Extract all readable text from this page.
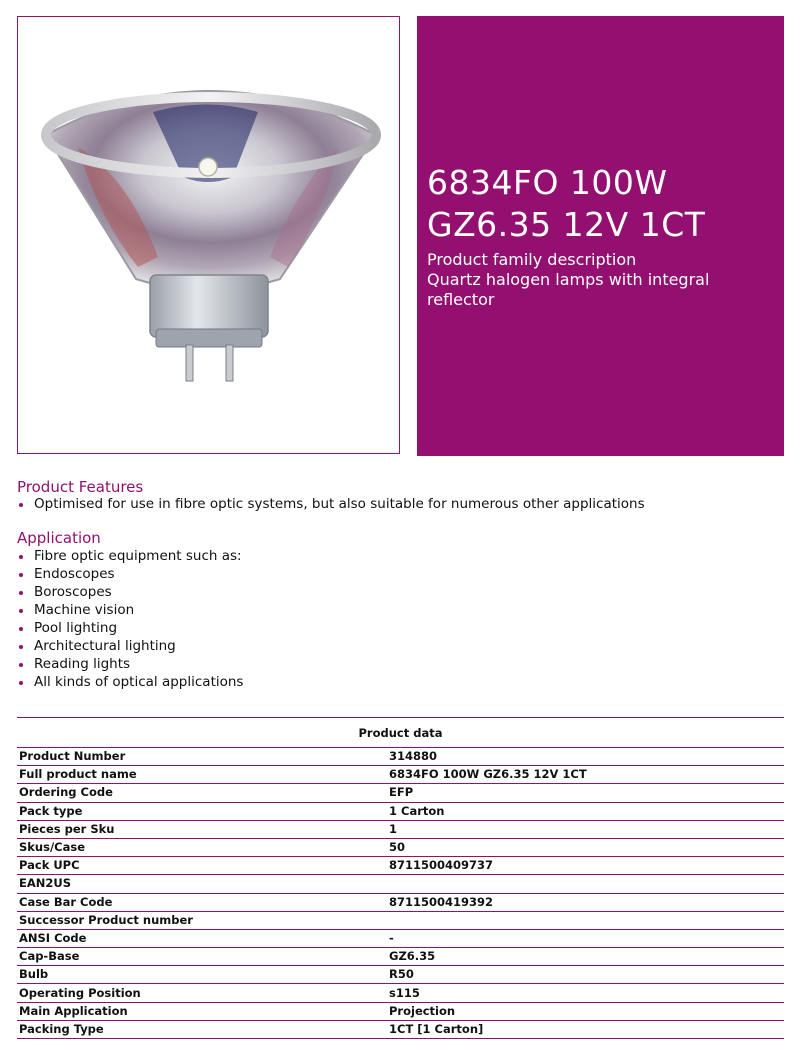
6834FO 100W GZ6.35 12V 1CT
Product family description
Quartz halogen lamps with integral reflector
Product Features
Optimised for use in fibre optic systems, but also suitable for numerous other applications
Application
Fibre optic equipment such as:
Endoscopes
Boroscopes
Machine vision
Pool lighting
Architectural lighting
Reading lights
All kinds of optical applications
Product data	
Product Number	314880
Full product name	6834FO 100W GZ6.35 12V 1CT
Ordering Code	EFP
Pack type	1 Carton
Pieces per Sku	1
Skus/Case	50
Pack UPC	8711500409737
EAN2US	
Case Bar Code	8711500419392
Successor Product number	
ANSI Code	-
Cap-Base	GZ6.35
Bulb	R50
Operating Position	s115
Main Application	Projection
Packing Type	1CT [1 Carton]
